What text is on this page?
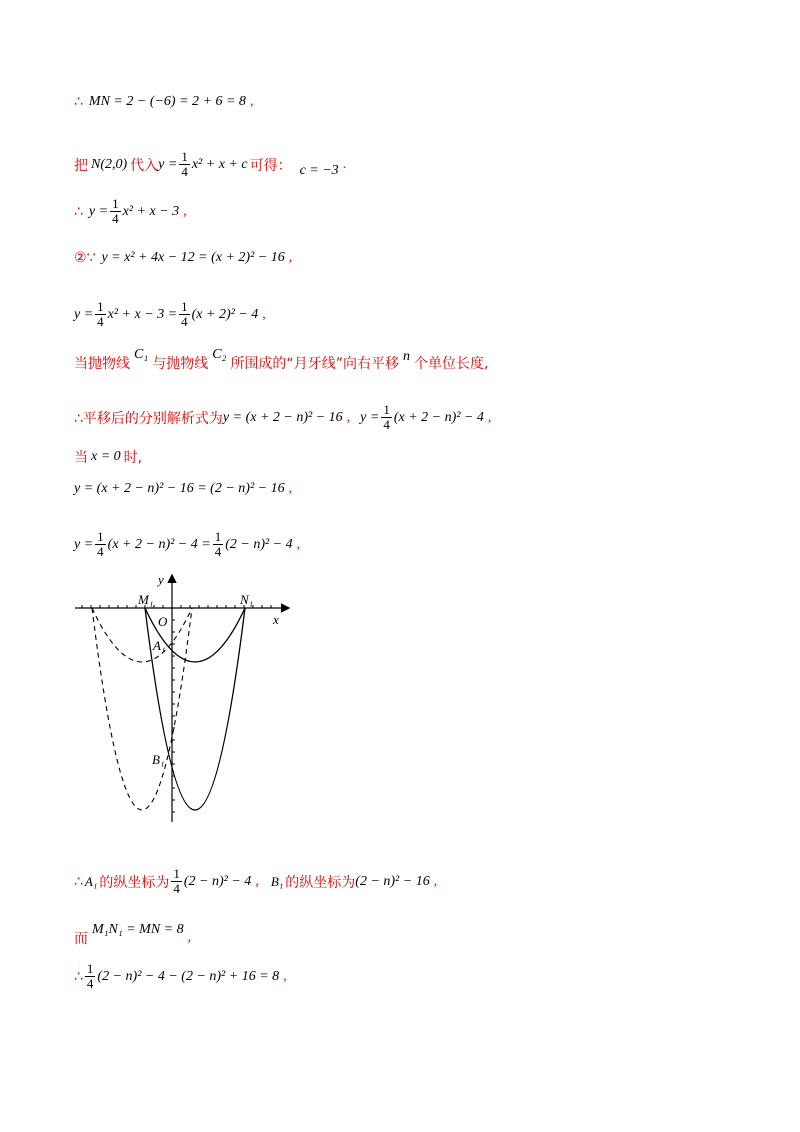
∴ MN = 2 − (−6) = 2 + 6 = 8 ,
把 N(2,0) 代入 $y = \frac{1}{4} x^2 + x + c$ 可得： c = −3 .
∴ $y = \frac{1}{4} x^2 + x - 3$ ,
②∵ y = x² + 4x − 12 = (x + 2)² − 16 ,
$y = \frac{1}{4} x^2 + x - 3 = \frac{1}{4} (x + 2)^2 - 4$ ,
当抛物线
C₁
与抛物线
C₂
所围成的“月牙线”向右平移 n 个单位长度,
∴平移后的分别解析式为 y = (x + 2 − n)² − 16 , $y = \frac{1}{4} (x + 2 - n)^2 - 4$ ,
当 x = 0 时,
y = (x + 2 − n)² − 16 = (2 − n)² − 16 ,
$y = \frac{1}{4} (x + 2 - n)^2 - 4 = \frac{1}{4} (2 - n)^2 - 4$ ,
y
x
O
M₁	N₁
A₁
B₁
∴ A₁ 的纵坐标为 $\frac{1}{4} (2 - n)^2 - 4$ , B₁ 的纵坐标为 (2 − n)² − 16 ,
而
M₁N₁ = MN = 8
,
∴ $\frac{1}{4} (2 - n)^2 - 4 - (2 - n)^2 + 16 = 8$ ,
